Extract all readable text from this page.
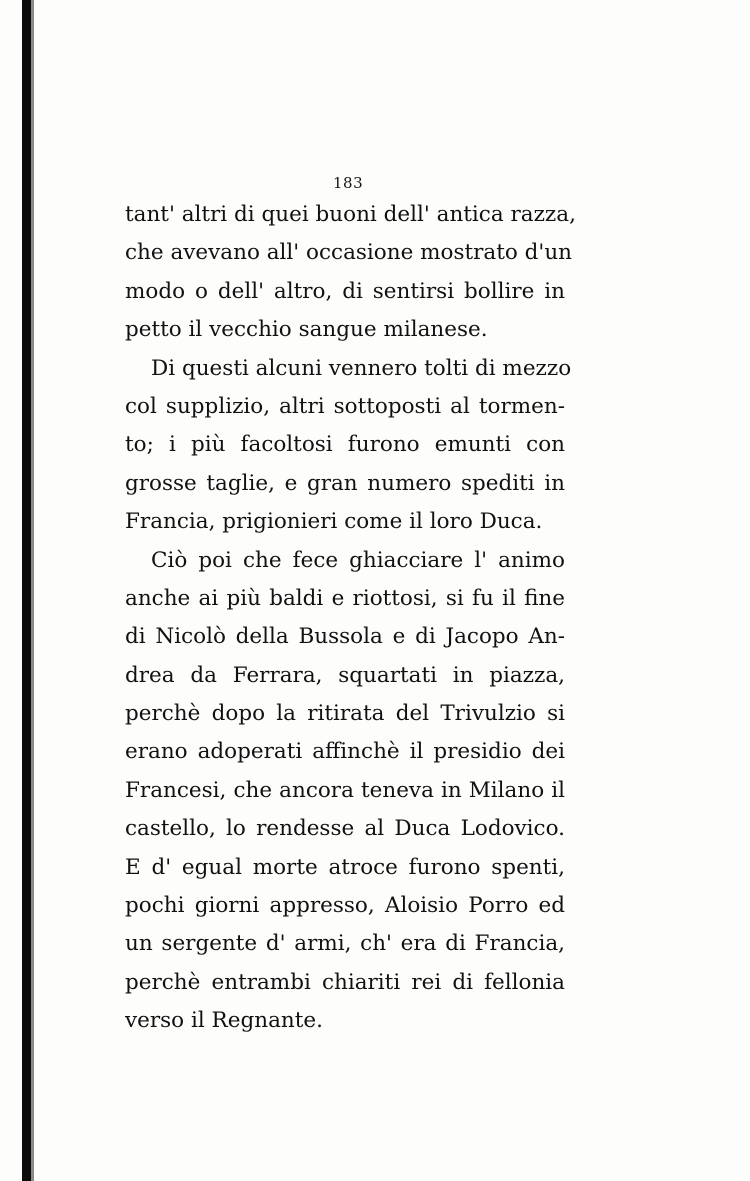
183
tant' altri di quei buoni dell' antica razza,
che avevano all' occasione mostrato d'un
modo o dell' altro, di sentirsi bollire in
petto il vecchio sangue milanese.
Di questi alcuni vennero tolti di mezzo
col supplizio, altri sottoposti al tormen-
to; i più facoltosi furono emunti con
grosse taglie, e gran numero spediti in
Francia, prigionieri come il loro Duca.
Ciò poi che fece ghiacciare l' animo
anche ai più baldi e riottosi, si fu il fine
di Nicolò della Bussola e di Jacopo An-
drea da Ferrara, squartati in piazza,
perchè dopo la ritirata del Trivulzio si
erano adoperati affinchè il presidio dei
Francesi, che ancora teneva in Milano il
castello, lo rendesse al Duca Lodovico.
E d' egual morte atroce furono spenti,
pochi giorni appresso, Aloisio Porro ed
un sergente d' armi, ch' era di Francia,
perchè entrambi chiariti rei di fellonia
verso il Regnante.
